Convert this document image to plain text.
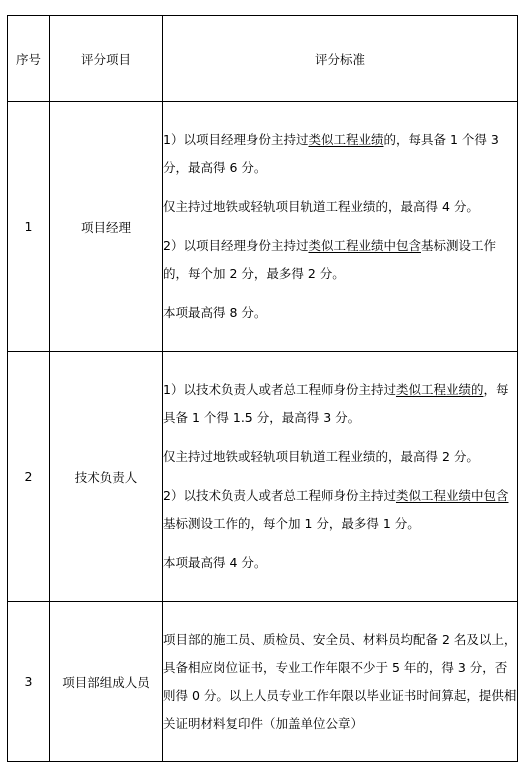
序号	评分项目	评分标准
1	项目经理	1）以项目经理身份主持过类似工程业绩的，每具备 1 个得 3 分，最高得 6 分。

仅主持过地铁或轻轨项目轨道工程业绩的，最高得 4 分。

2）以项目经理身份主持过类似工程业绩中包含基标测设工作的，每个加 2 分，最多得 2 分。

本项最高得 8 分。

2	技术负责人	1）以技术负责人或者总工程师身份主持过类似工程业绩的，每具备 1 个得 1.5 分，最高得 3 分。

仅主持过地铁或轻轨项目轨道工程业绩的，最高得 2 分。

2）以技术负责人或者总工程师身份主持过类似工程业绩中包含基标测设工作的，每个加 1 分，最多得 1 分。

本项最高得 4 分。

3	项目部组成人员	项目部的施工员、质检员、安全员、材料员均配备 2 名及以上，具备相应岗位证书，专业工作年限不少于 5 年的，得 3 分，否则得 0 分。以上人员专业工作年限以毕业证书时间算起，提供相关证明材料复印件（加盖单位公章）
